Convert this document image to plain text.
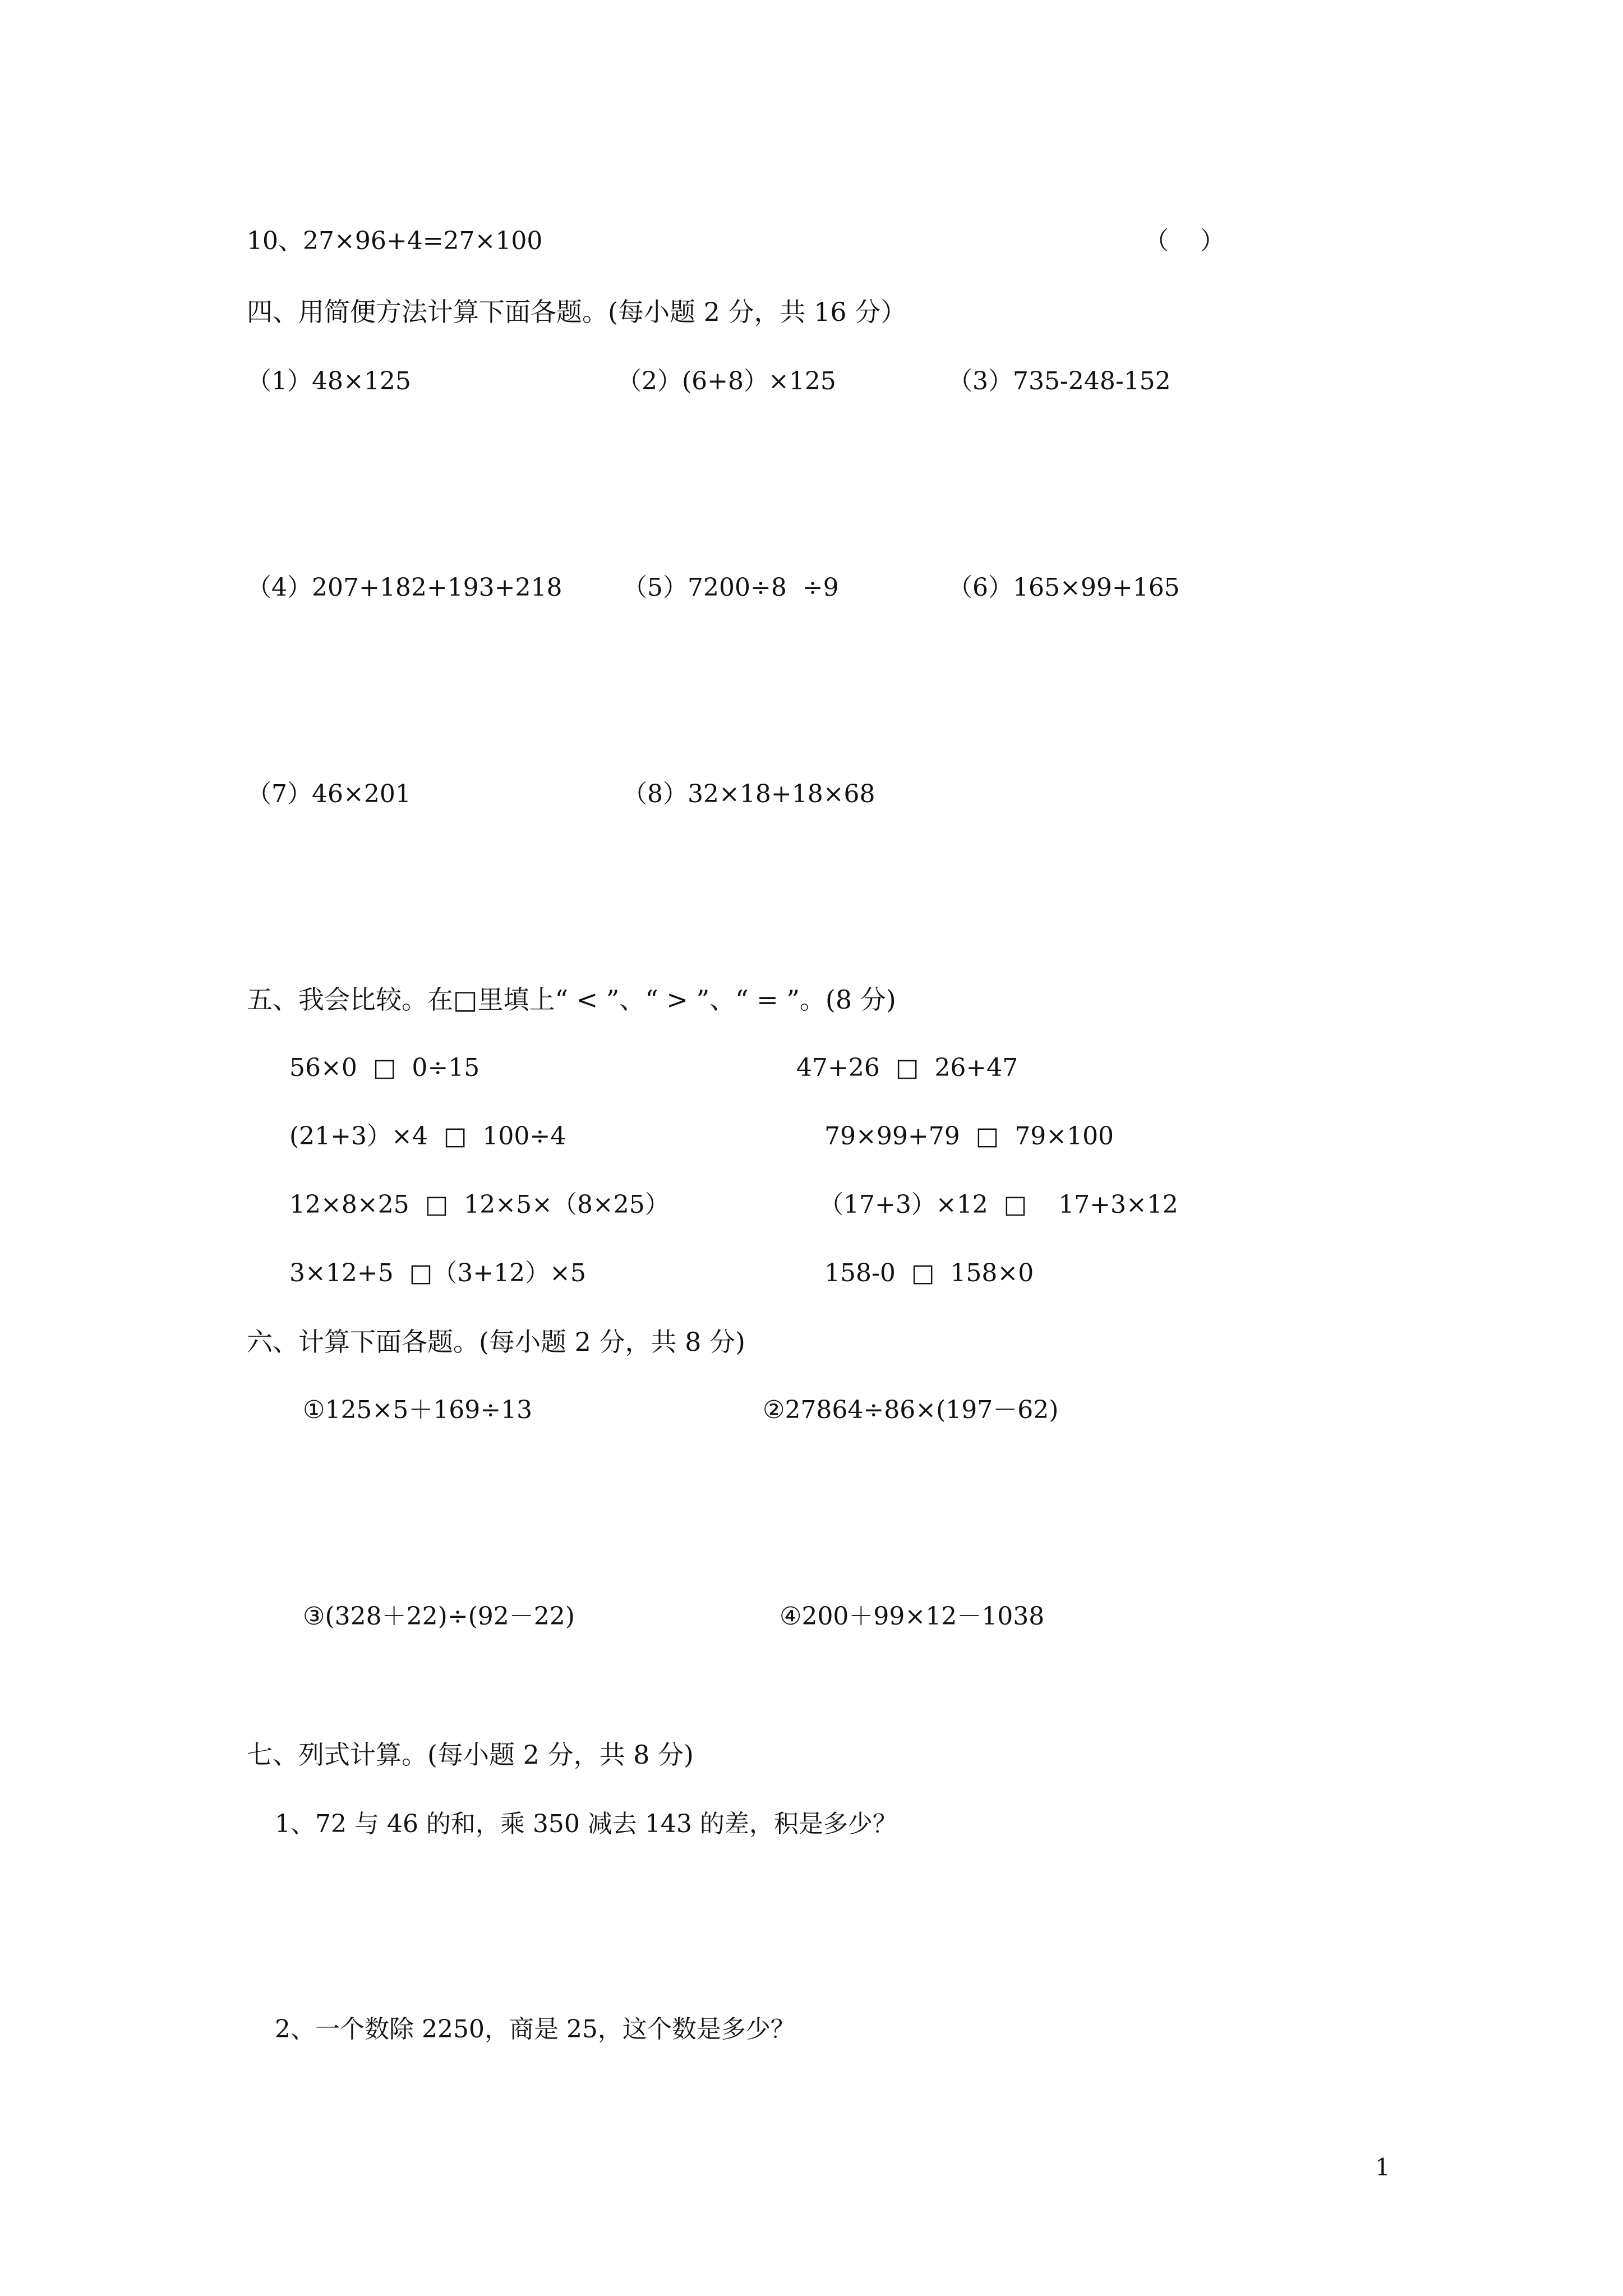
10、27×96+4=27×100	（    ）
四、用简便方法计算下面各题。(每小题 2 分，共 16 分）
（1）48×125	（2）(6+8）×125	（3）735-248-152
（4）207+182+193+218 （5）7200÷8  ÷9	（6）165×99+165
（7）46×201	（8）32×18+18×68
五、我会比较。在□里填上“ < ”、“ > ”、“ = ”。(8 分)
56×0  □  0÷15	47+26  □  26+47
(21+3）×4  □  100÷4	79×99+79  □  79×100
12×8×25  □  12×5×（8×25）	（17+3）×12  □    17+3×12
3×12+5  □（3+12）×5	158-0  □  158×0
六、计算下面各题。(每小题 2 分，共 8 分)
①125×5＋169÷13	②27864÷86×(197－62)
③(328＋22)÷(92－22)	④200＋99×12－1038
七、列式计算。(每小题 2 分，共 8 分)
1、72 与 46 的和，乘 350 减去 143 的差，积是多少？
2、一个数除 2250，商是 25，这个数是多少？
1
